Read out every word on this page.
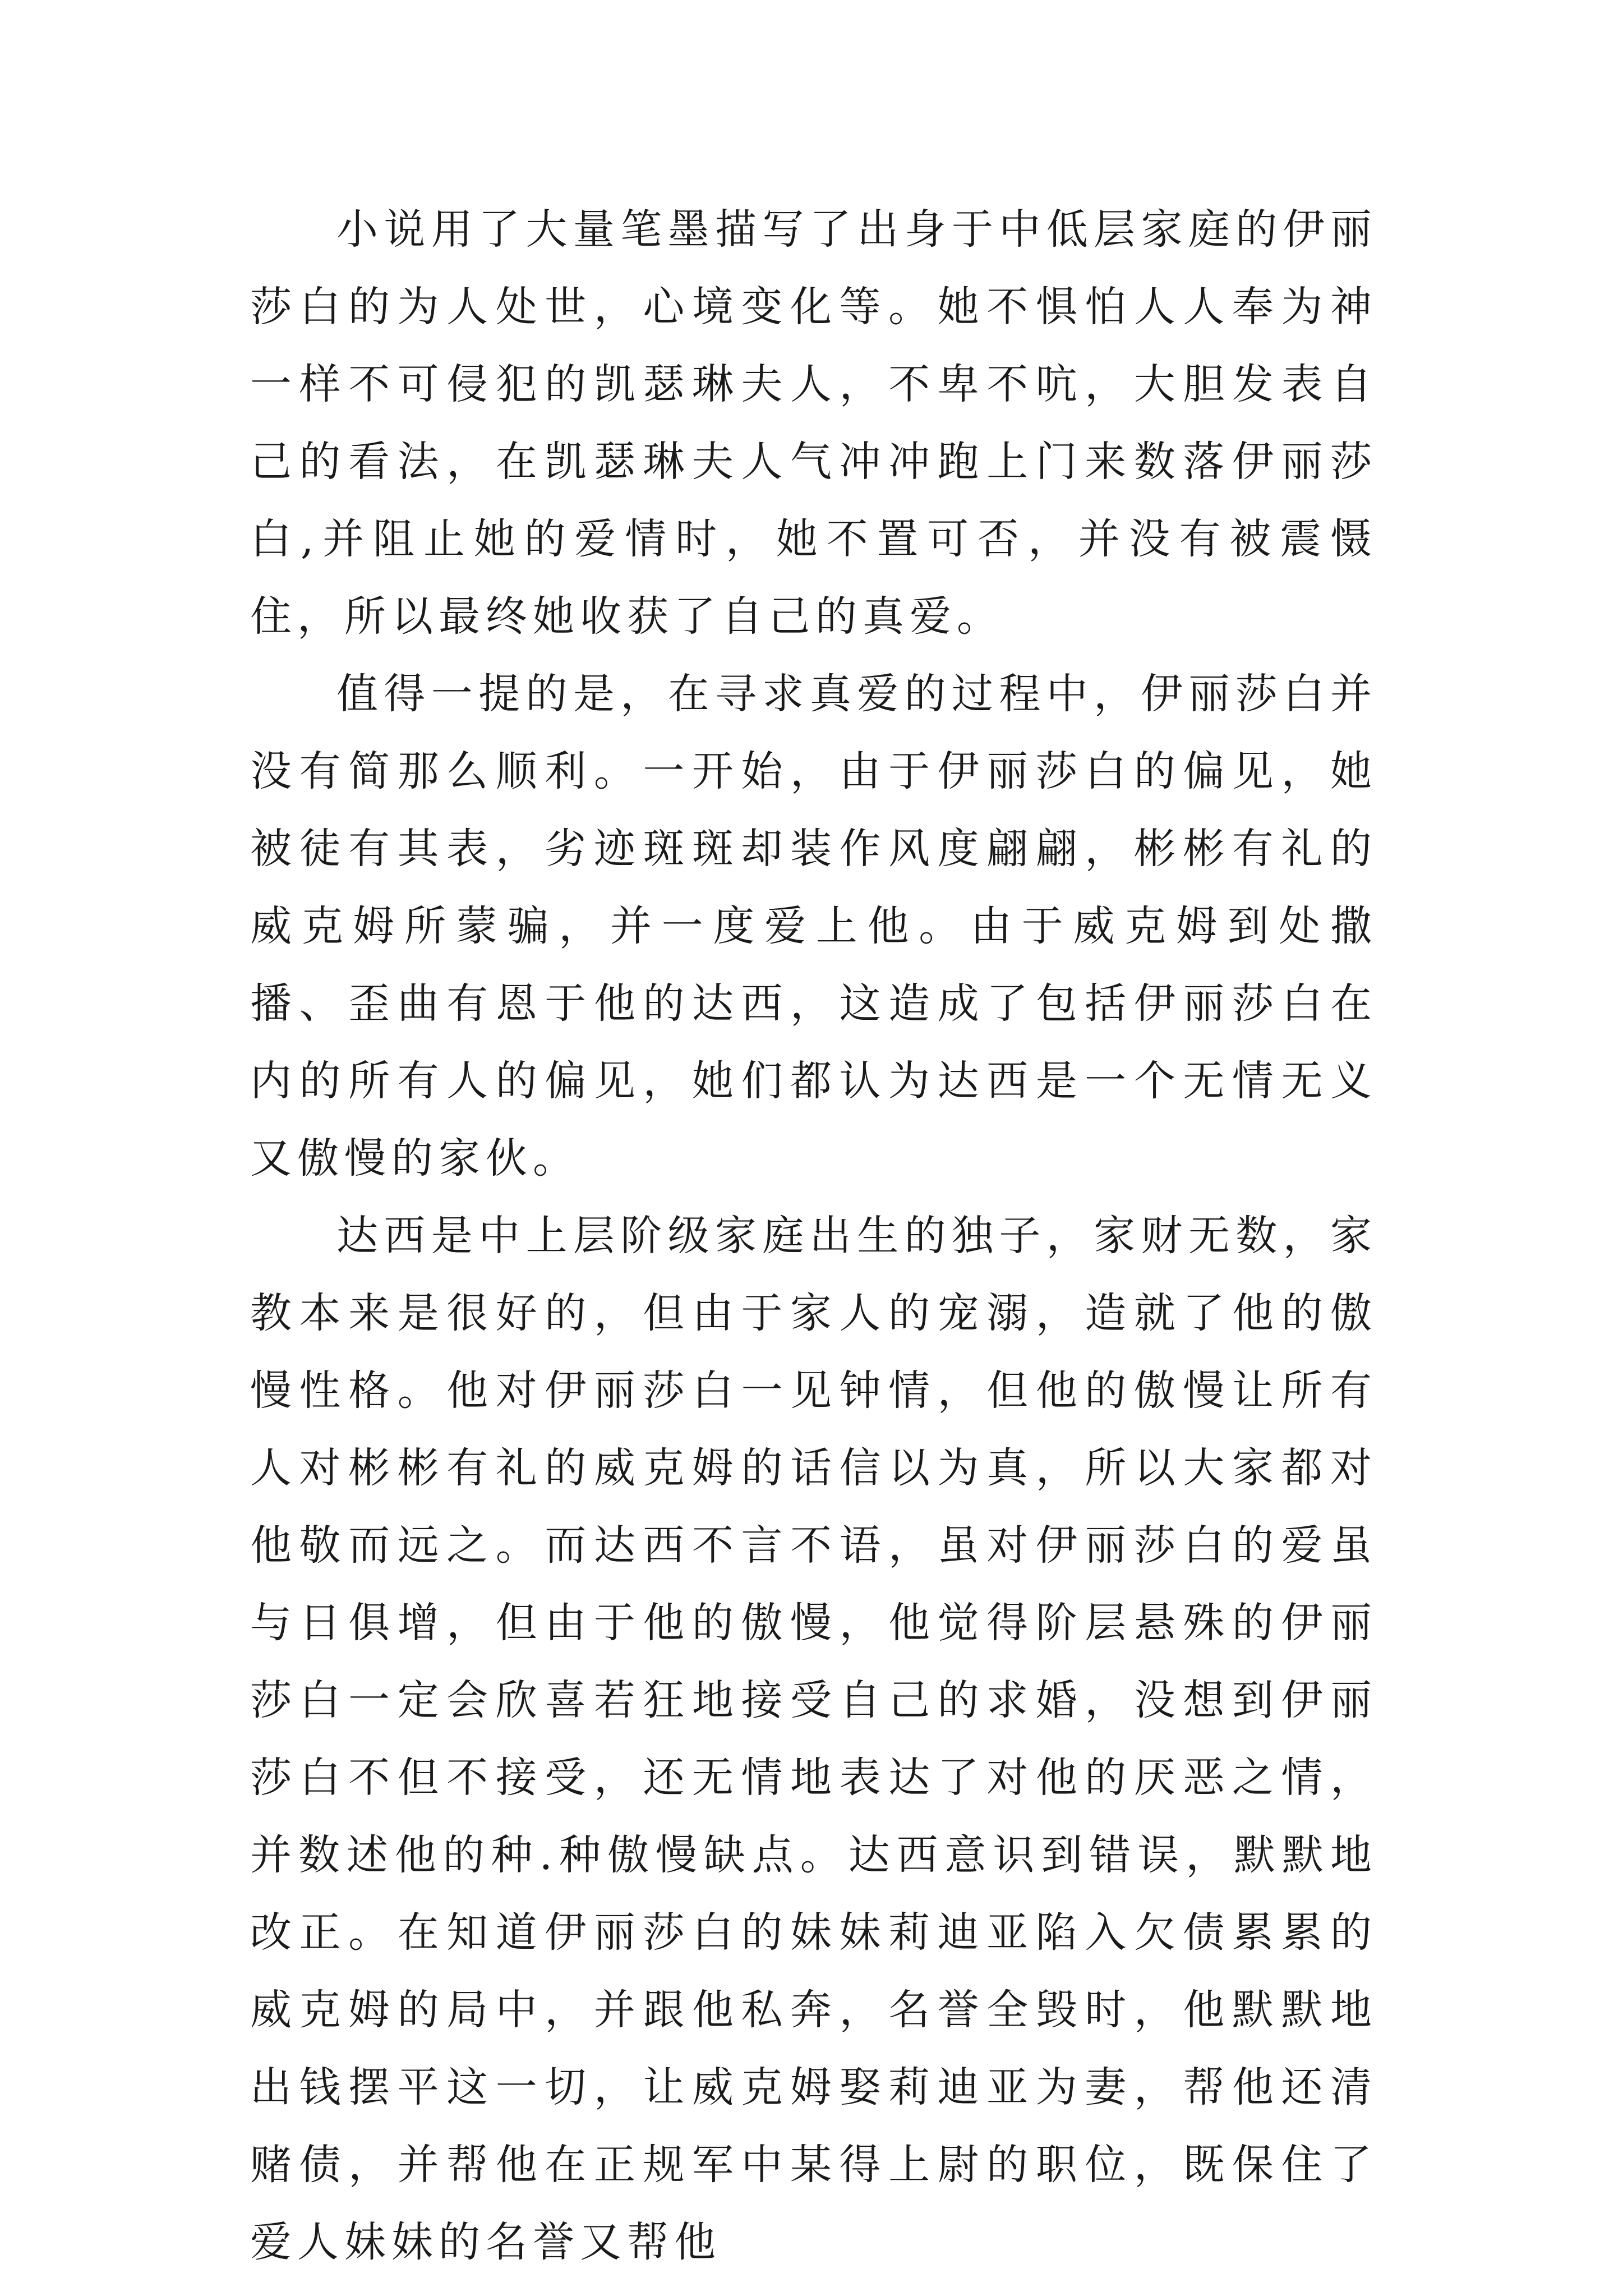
小说用了大量笔墨描写了出身于中低层家庭的伊丽莎白的为人处世，心境变化等。她不惧怕人人奉为神一样不可侵犯的凯瑟琳夫人，不卑不吭，大胆发表自己的看法，在凯瑟琳夫人气冲冲跑上门来数落伊丽莎白,并阻止她的爱情时，她不置可否，并没有被震慑住，所以最终她收获了自己的真爱。

值得一提的是，在寻求真爱的过程中，伊丽莎白并没有简那么顺利。一开始，由于伊丽莎白的偏见，她被徒有其表，劣迹斑斑却装作风度翩翩，彬彬有礼的威克姆所蒙骗，并一度爱上他。由于威克姆到处撒播、歪曲有恩于他的达西，这造成了包括伊丽莎白在内的所有人的偏见，她们都认为达西是一个无情无义又傲慢的家伙。

达西是中上层阶级家庭出生的独子，家财无数，家教本来是很好的，但由于家人的宠溺，造就了他的傲慢性格。他对伊丽莎白一见钟情，但他的傲慢让所有人对彬彬有礼的威克姆的话信以为真，所以大家都对他敬而远之。而达西不言不语，虽对伊丽莎白的爱虽与日俱增，但由于他的傲慢，他觉得阶层悬殊的伊丽莎白一定会欣喜若狂地接受自己的求婚，没想到伊丽莎白不但不接受，还无情地表达了对他的厌恶之情，并数述他的种.种傲慢缺点。达西意识到错误，默默地改正。在知道伊丽莎白的妹妹莉迪亚陷入欠债累累的威克姆的局中，并跟他私奔，名誉全毁时，他默默地出钱摆平这一切，让威克姆娶莉迪亚为妻，帮他还清赌债，并帮他在正规军中某得上尉的职位，既保住了爱人妹妹的名誉又帮他
